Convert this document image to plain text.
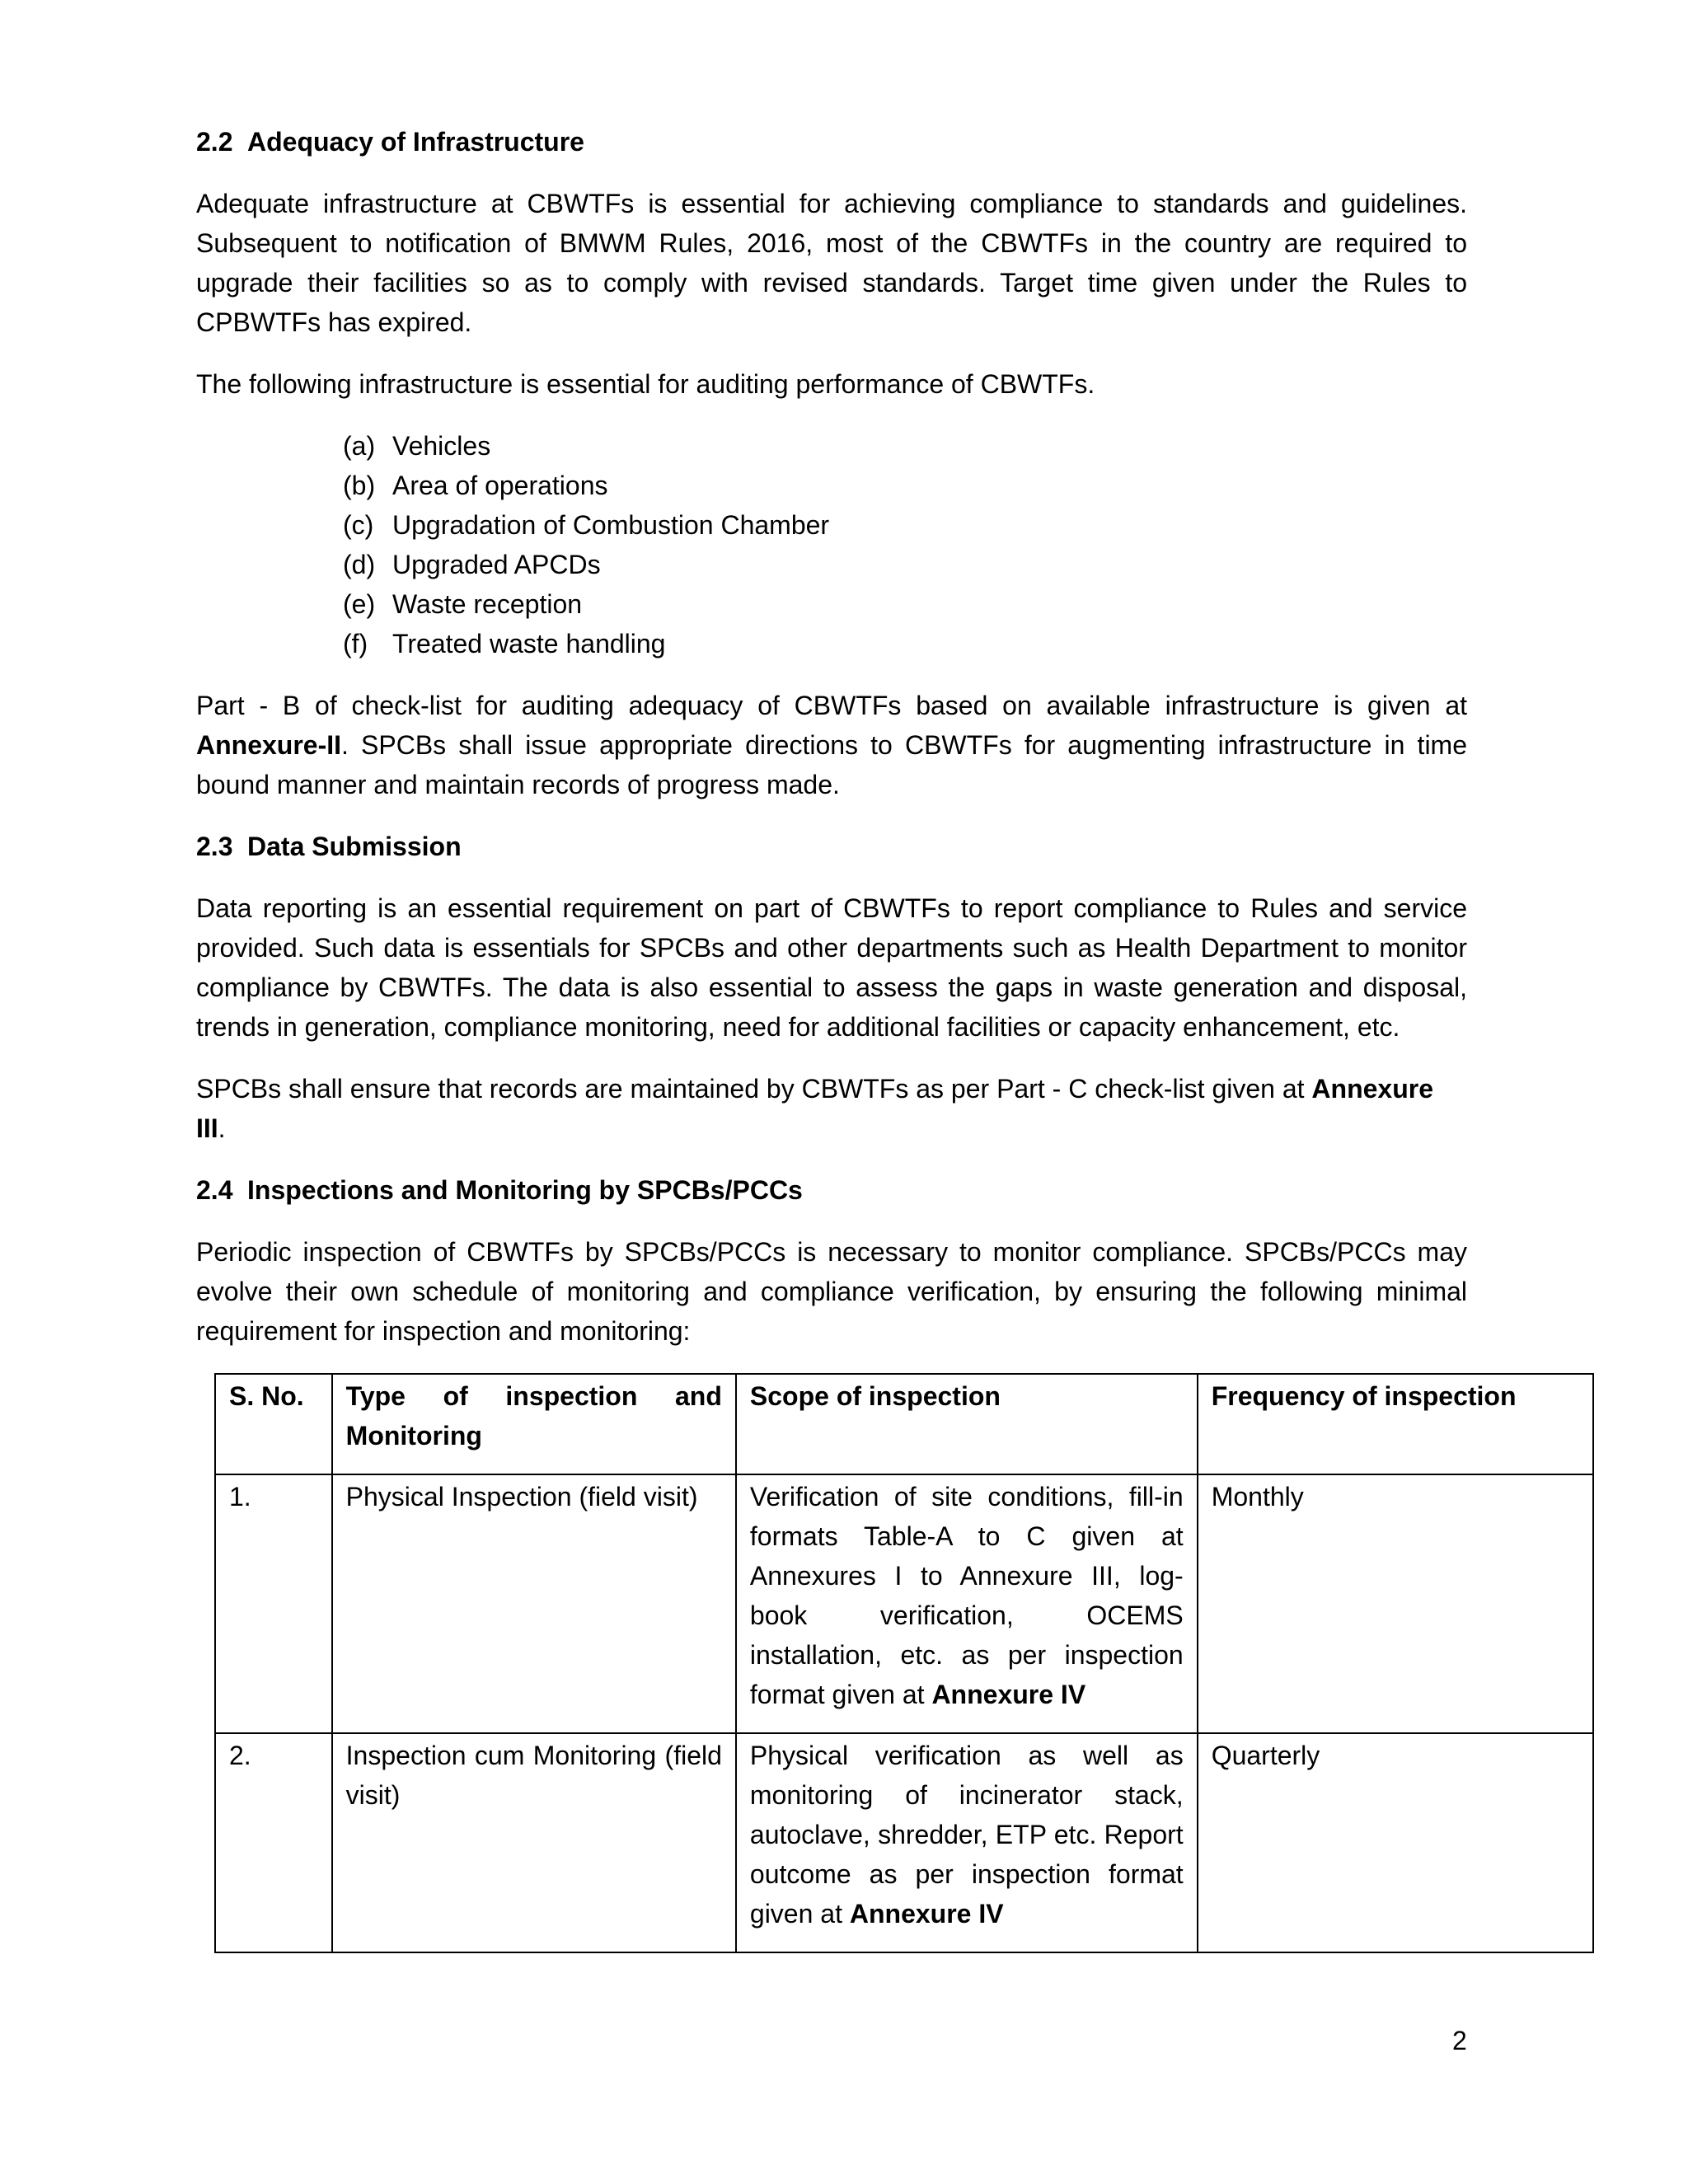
2.2 Adequacy of Infrastructure

Adequate infrastructure at CBWTFs is essential for achieving compliance to standards and guidelines. Subsequent to notification of BMWM Rules, 2016, most of the CBWTFs in the country are required to upgrade their facilities so as to comply with revised standards. Target time given under the Rules to CPBWTFs has expired.

The following infrastructure is essential for auditing performance of CBWTFs.

(a) Vehicles
(b) Area of operations
(c) Upgradation of Combustion Chamber
(d) Upgraded APCDs
(e) Waste reception
(f) Treated waste handling

Part - B of check-list for auditing adequacy of CBWTFs based on available infrastructure is given at Annexure-II. SPCBs shall issue appropriate directions to CBWTFs for augmenting infrastructure in time bound manner and maintain records of progress made.

2.3 Data Submission

Data reporting is an essential requirement on part of CBWTFs to report compliance to Rules and service provided. Such data is essentials for SPCBs and other departments such as Health Department to monitor compliance by CBWTFs. The data is also essential to assess the gaps in waste generation and disposal, trends in generation, compliance monitoring, need for additional facilities or capacity enhancement, etc.

SPCBs shall ensure that records are maintained by CBWTFs as per Part - C check-list given at Annexure III.

2.4 Inspections and Monitoring by SPCBs/PCCs

Periodic inspection of CBWTFs by SPCBs/PCCs is necessary to monitor compliance. SPCBs/PCCs may evolve their own schedule of monitoring and compliance verification, by ensuring the following minimal requirement for inspection and monitoring:

S. No.	Type of inspection and Monitoring	Scope of inspection	Frequency of inspection
1.	Physical Inspection (field visit)	Verification of site conditions, fill-in formats Table-A to C given at Annexures I to Annexure III, log-book verification, OCEMS installation, etc. as per inspection format given at Annexure IV	Monthly
2.	Inspection cum Monitoring (field visit)	Physical verification as well as monitoring of incinerator stack, autoclave, shredder, ETP etc. Report outcome as per inspection format given at Annexure IV	Quarterly
2
